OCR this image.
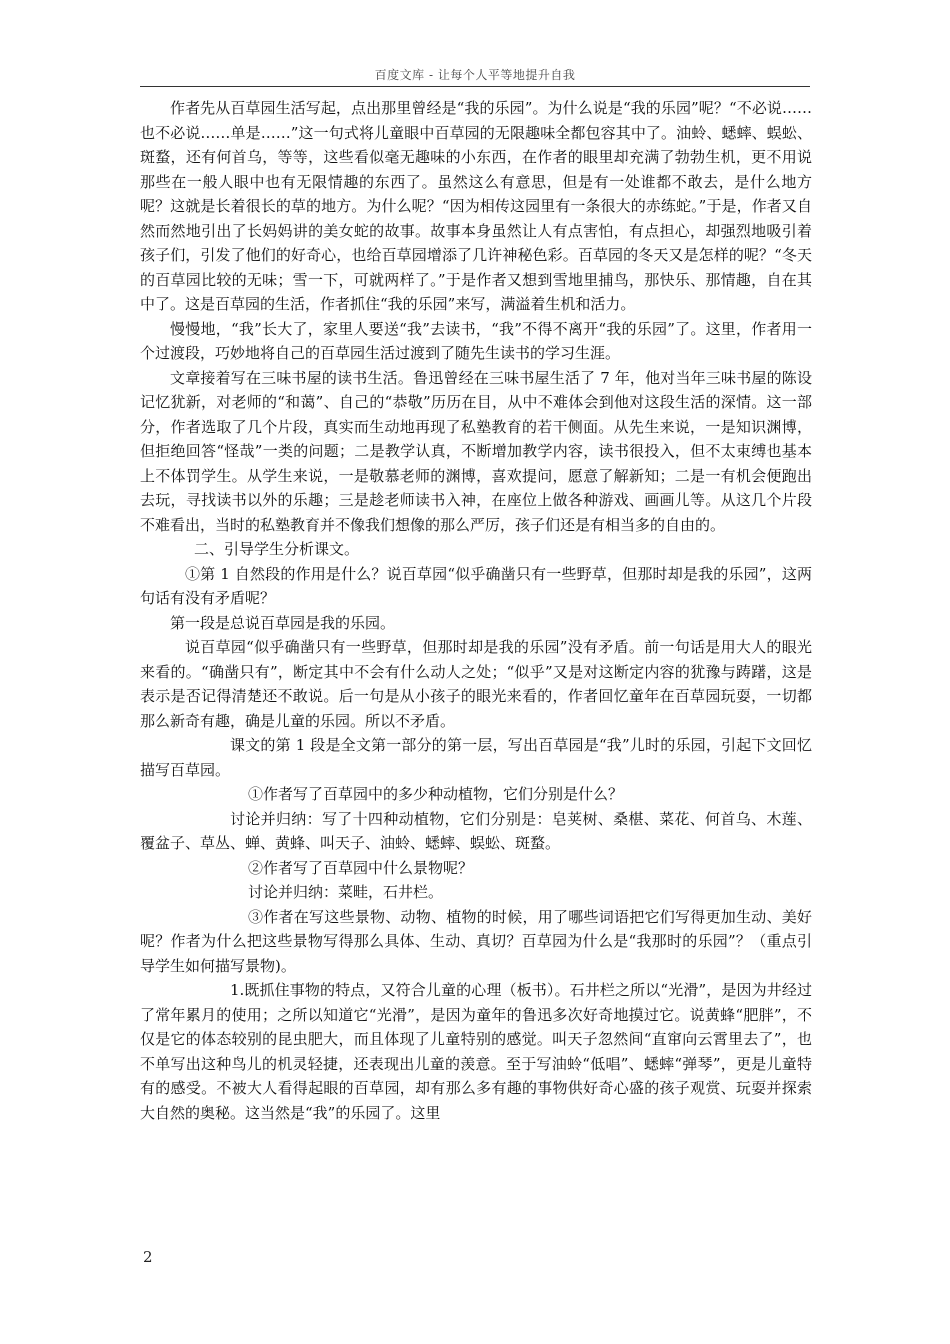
百度文库 - 让每个人平等地提升自我

作者先从百草园生活写起，点出那里曾经是“我的乐园”。为什么说是“我的乐园”呢？“不必说……也不必说……单是……”这一句式将儿童眼中百草园的无限趣味全都包容其中了。油蛉、蟋蟀、蜈蚣、斑蝥，还有何首乌，等等，这些看似毫无趣味的小东西，在作者的眼里却充满了勃勃生机，更不用说那些在一般人眼中也有无限情趣的东西了。虽然这么有意思，但是有一处谁都不敢去，是什么地方呢？这就是长着很长的草的地方。为什么呢？“因为相传这园里有一条很大的赤练蛇。”于是，作者又自然而然地引出了长妈妈讲的美女蛇的故事。故事本身虽然让人有点害怕，有点担心，却强烈地吸引着孩子们，引发了他们的好奇心，也给百草园增添了几许神秘色彩。百草园的冬天又是怎样的呢？“冬天的百草园比较的无味；雪一下，可就两样了。”于是作者又想到雪地里捕鸟，那快乐、那情趣，自在其中了。这是百草园的生活，作者抓住“我的乐园”来写，满溢着生机和活力。

慢慢地，“我”长大了，家里人要送“我”去读书，“我”不得不离开“我的乐园”了。这里，作者用一个过渡段，巧妙地将自己的百草园生活过渡到了随先生读书的学习生涯。

文章接着写在三味书屋的读书生活。鲁迅曾经在三味书屋生活了 7 年，他对当年三味书屋的陈设记忆犹新，对老师的“和蔼”、自己的“恭敬”历历在目，从中不难体会到他对这段生活的深情。这一部分，作者选取了几个片段，真实而生动地再现了私塾教育的若干侧面。从先生来说，一是知识渊博，但拒绝回答“怪哉”一类的问题；二是教学认真，不断增加教学内容，读书很投入，但不太束缚也基本上不体罚学生。从学生来说，一是敬慕老师的渊博，喜欢提问，愿意了解新知；二是一有机会便跑出去玩，寻找读书以外的乐趣；三是趁老师读书入神，在座位上做各种游戏、画画儿等。从这几个片段不难看出，当时的私塾教育并不像我们想像的那么严厉，孩子们还是有相当多的自由的。

二、引导学生分析课文。

①第 1 自然段的作用是什么？说百草园“似乎确凿只有一些野草，但那时却是我的乐园”，这两句话有没有矛盾呢？

第一段是总说百草园是我的乐园。

说百草园“似乎确凿只有一些野草，但那时却是我的乐园”没有矛盾。前一句话是用大人的眼光来看的。“确凿只有”，断定其中不会有什么动人之处；“似乎”又是对这断定内容的犹豫与踌躇，这是表示是否记得清楚还不敢说。后一句是从小孩子的眼光来看的，作者回忆童年在百草园玩耍，一切都那么新奇有趣，确是儿童的乐园。所以不矛盾。

课文的第 1 段是全文第一部分的第一层，写出百草园是“我”儿时的乐园，引起下文回忆描写百草园。

①作者写了百草园中的多少种动植物，它们分别是什么？

讨论并归纳：写了十四种动植物，它们分别是：皂荚树、桑椹、菜花、何首乌、木莲、覆盆子、草丛、蝉、黄蜂、叫天子、油蛉、蟋蟀、蜈蚣、斑蝥。

②作者写了百草园中什么景物呢？

讨论并归纳：菜畦，石井栏。

③作者在写这些景物、动物、植物的时候，用了哪些词语把它们写得更加生动、美好呢？作者为什么把这些景物写得那么具体、生动、真切？百草园为什么是“我那时的乐园”？（重点引导学生如何描写景物)。

1.既抓住事物的特点，又符合儿童的心理（板书）。石井栏之所以“光滑”，是因为井经过了常年累月的使用；之所以知道它“光滑”，是因为童年的鲁迅多次好奇地摸过它。说黄蜂“肥胖”，不仅是它的体态较别的昆虫肥大，而且体现了儿童特别的感觉。叫天子忽然间“直窜向云霄里去了”，也不单写出这种鸟儿的机灵轻捷，还表现出儿童的羡意。至于写油蛉“低唱”、蟋蟀“弹琴”，更是儿童特有的感受。不被大人看得起眼的百草园，却有那么多有趣的事物供好奇心盛的孩子观赏、玩耍并探索大自然的奥秘。这当然是“我”的乐园了。这里

2
